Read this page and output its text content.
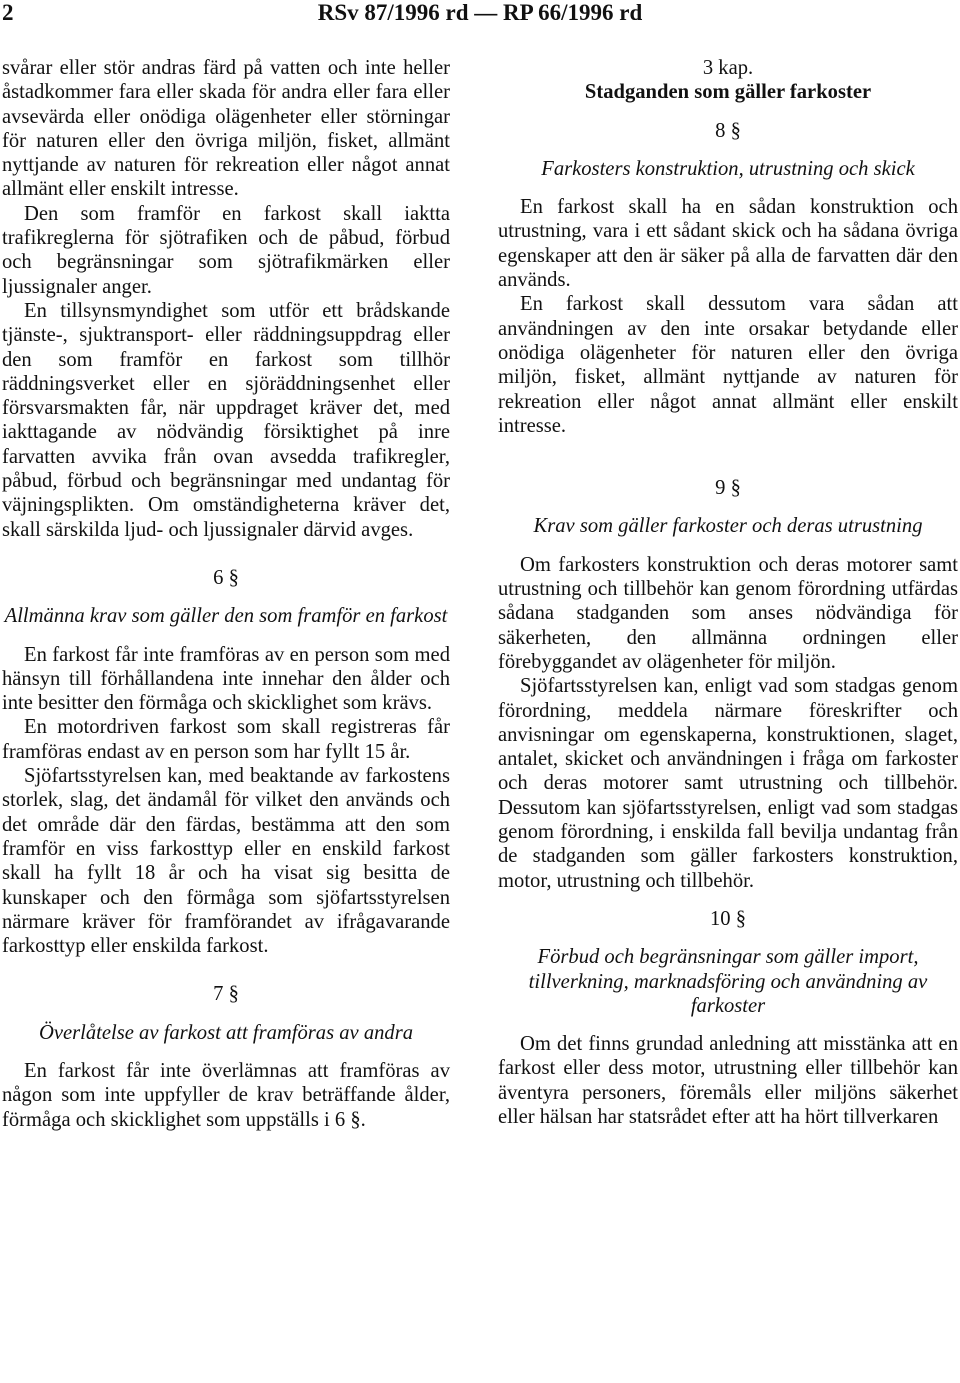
2	RSv 87/1996 rd — RP 66/1996 rd

svårar eller stör andras färd på vatten och inte heller åstadkommer fara eller skada för andra eller fara eller avsevärda eller onödiga olägenheter eller störningar för naturen eller den övriga miljön, fisket, allmänt nyttjande av naturen för rekreation eller något annat allmänt eller enskilt intresse.

Den som framför en farkost skall iaktta trafikreglerna för sjötrafiken och de påbud, förbud och begränsningar som sjötrafikmärken eller ljussignaler anger.

En tillsynsmyndighet som utför ett brådskande tjänste-, sjuktransport- eller räddningsuppdrag eller den som framför en farkost som tillhör räddningsverket eller en sjöräddningsenhet eller försvarsmakten får, när uppdraget kräver det, med iakttagande av nödvändig försiktighet på inre farvatten avvika från ovan avsedda trafikregler, påbud, förbud och begränsningar med undantag för väjningsplikten. Om omständigheterna kräver det, skall särskilda ljud- och ljussignaler därvid avges.

6 §
Allmänna krav som gäller den som framför en farkost

En farkost får inte framföras av en person som med hänsyn till förhållandena inte innehar den ålder och inte besitter den förmåga och skicklighet som krävs.

En motordriven farkost som skall registreras får framföras endast av en person som har fyllt 15 år.

Sjöfartsstyrelsen kan, med beaktande av farkostens storlek, slag, det ändamål för vilket den används och det område där den färdas, bestämma att den som framför en viss farkosttyp eller en enskild farkost skall ha fyllt 18 år och ha visat sig besitta de kunskaper och den förmåga som sjöfartsstyrelsen närmare kräver för framförandet av ifrågavarande farkosttyp eller enskilda farkost.

7 §
Överlåtelse av farkost att framföras av andra

En farkost får inte överlämnas att framföras av någon som inte uppfyller de krav beträffande ålder, förmåga och skicklighet som uppställs i 6 §.

3 kap.
Stadganden som gäller farkoster
8 §
Farkosters konstruktion, utrustning och skick

En farkost skall ha en sådan konstruktion och utrustning, vara i ett sådant skick och ha sådana övriga egenskaper att den är säker på alla de farvatten där den används.

En farkost skall dessutom vara sådan att användningen av den inte orsakar betydande eller onödiga olägenheter för naturen eller den övriga miljön, fisket, allmänt nyttjande av naturen för rekreation eller något annat allmänt eller enskilt intresse.

9 §
Krav som gäller farkoster och deras utrustning

Om farkosters konstruktion och deras motorer samt utrustning och tillbehör kan genom förordning utfärdas sådana stadganden som anses nödvändiga för säkerheten, den allmänna ordningen eller förebyggandet av olägenheter för miljön.

Sjöfartsstyrelsen kan, enligt vad som stadgas genom förordning, meddela närmare föreskrifter och anvisningar om egenskaperna, konstruktionen, slaget, antalet, skicket och användningen i fråga om farkoster och deras motorer samt utrustning och tillbehör. Dessutom kan sjöfartsstyrelsen, enligt vad som stadgas genom förordning, i enskilda fall bevilja undantag från de stadganden som gäller farkosters konstruktion, motor, utrustning och tillbehör.

10 §
Förbud och begränsningar som gäller import, tillverkning, marknadsföring och användning av farkoster

Om det finns grundad anledning att misstänka att en farkost eller dess motor, utrustning eller tillbehör kan äventyra personers, föremåls eller miljöns säkerhet eller hälsan har statsrådet efter att ha hört tillverkaren
